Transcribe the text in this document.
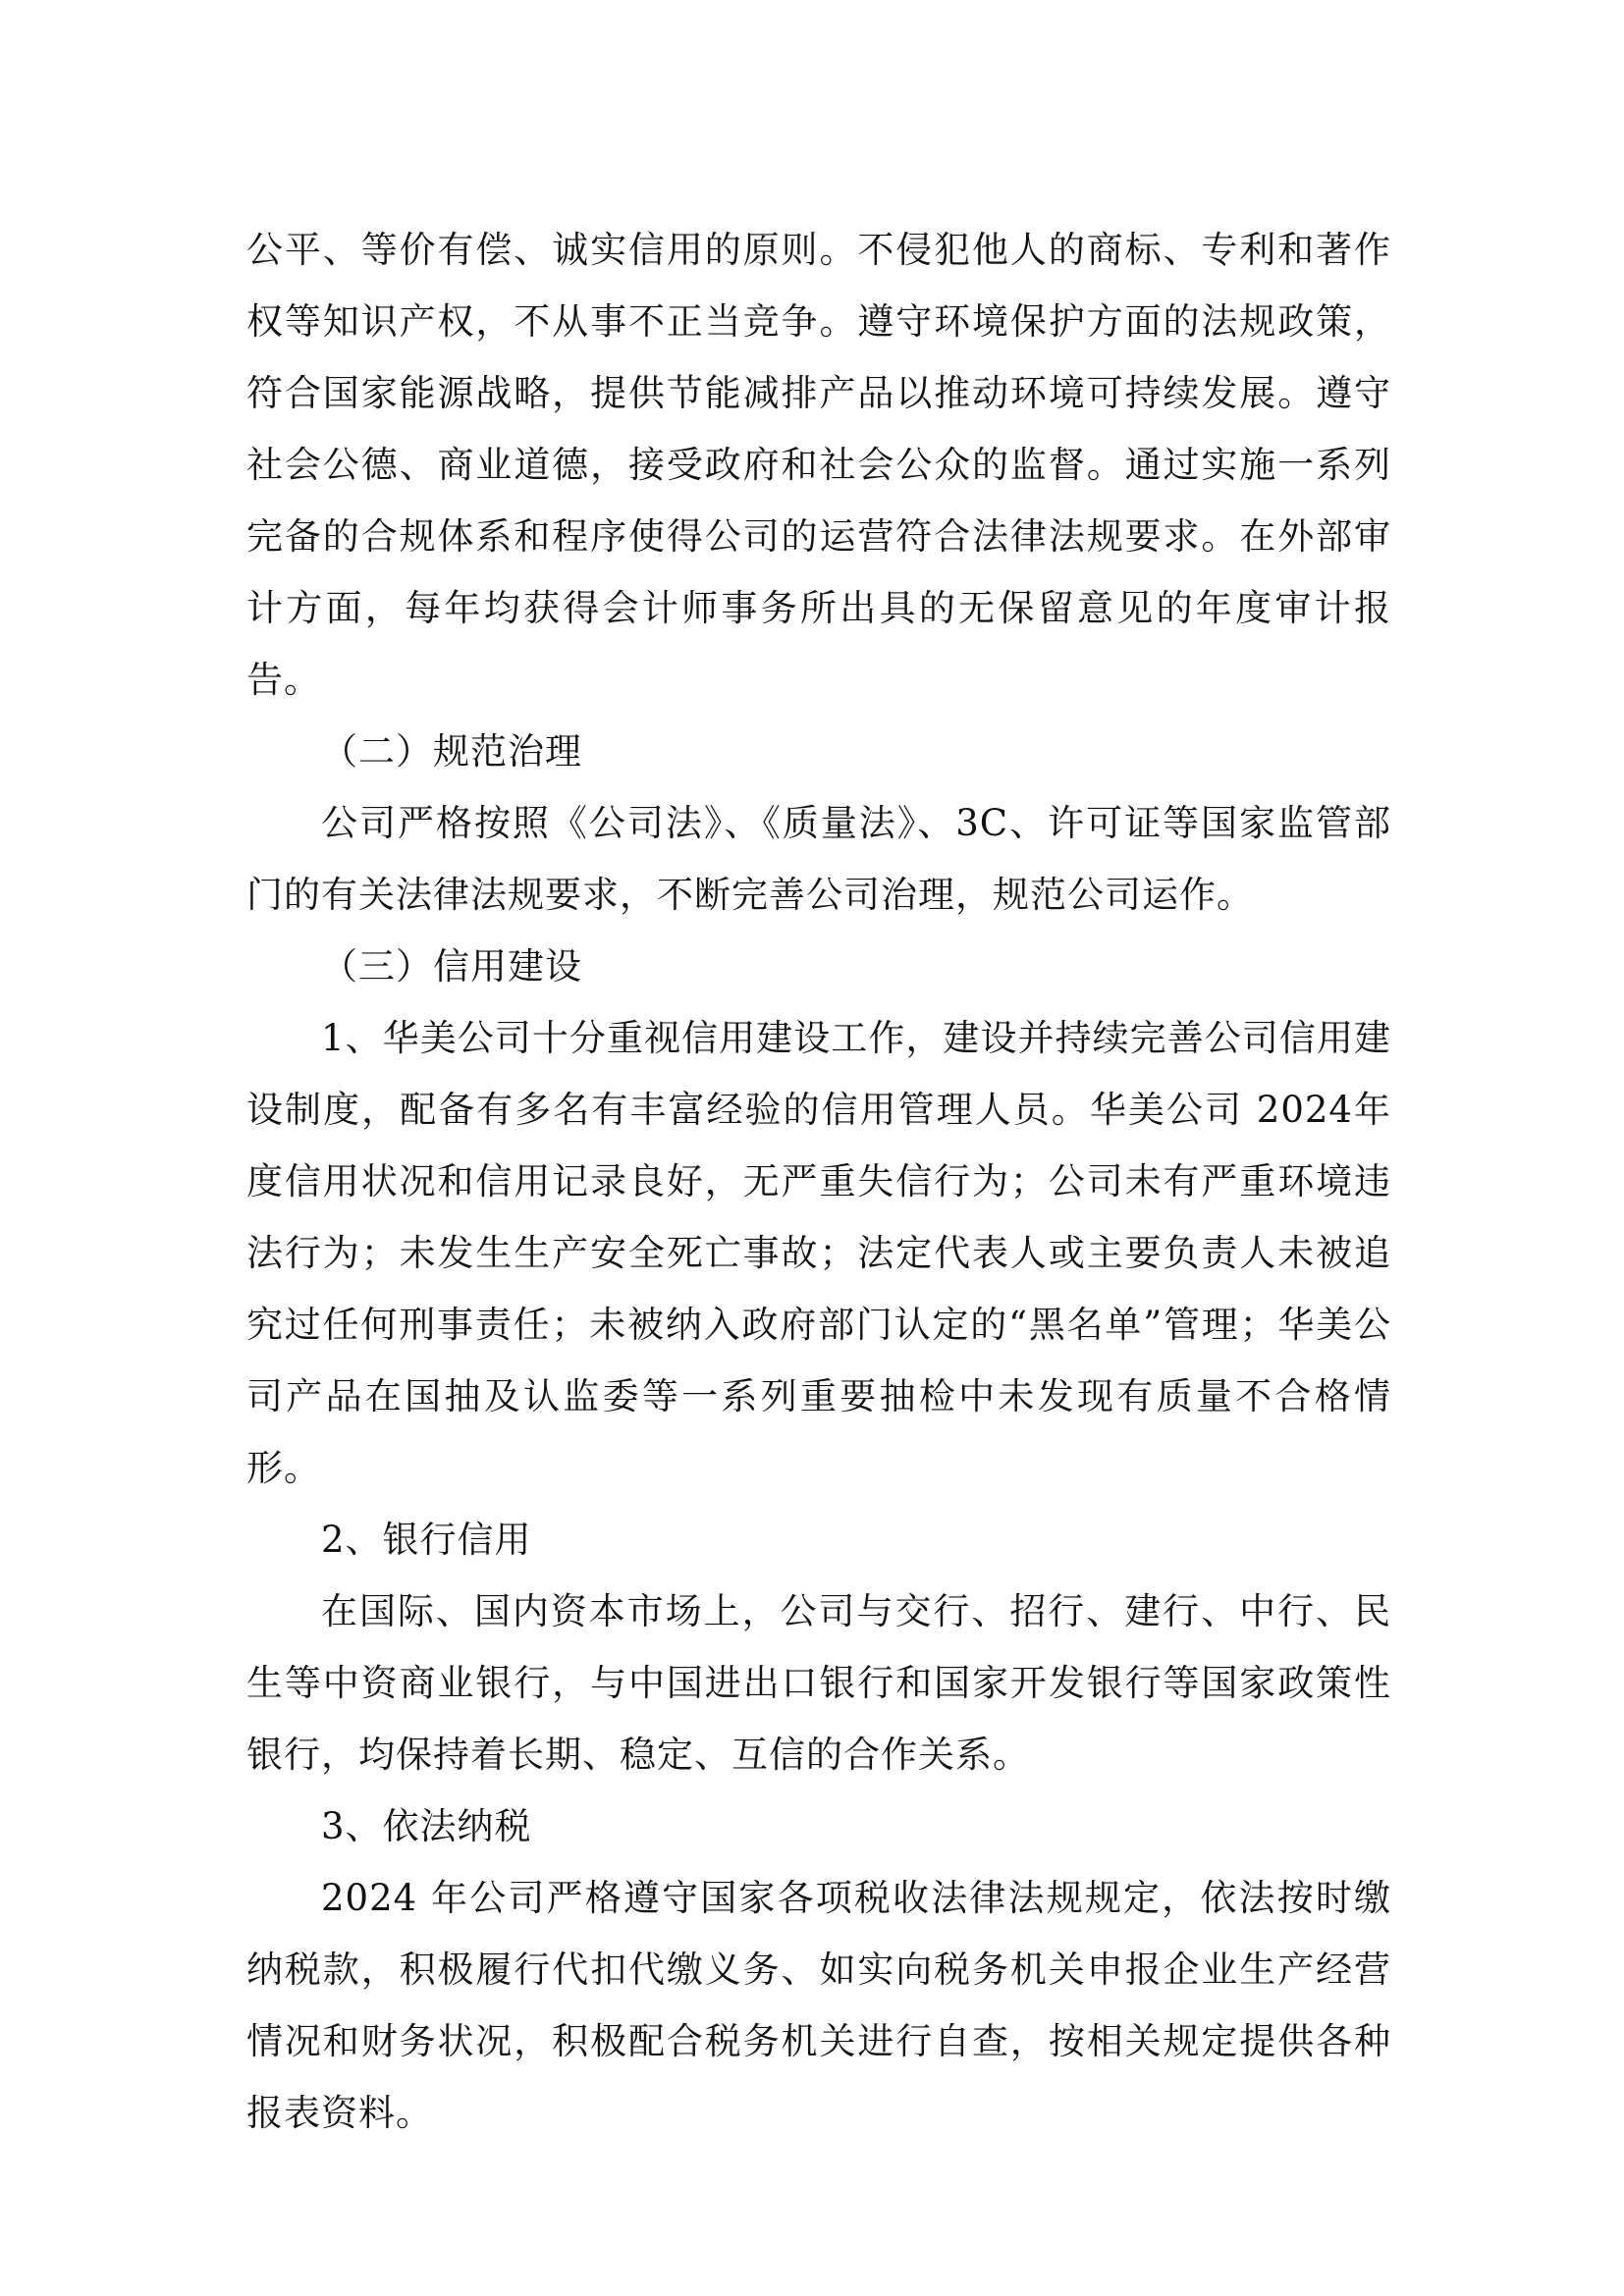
公平、等价有偿、诚实信用的原则。不侵犯他人的商标、专利和著作权等知识产权，不从事不正当竞争。遵守环境保护方面的法规政策，符合国家能源战略，提供节能减排产品以推动环境可持续发展。遵守社会公德、商业道德，接受政府和社会公众的监督。通过实施一系列完备的合规体系和程序使得公司的运营符合法律法规要求。在外部审计方面，每年均获得会计师事务所出具的无保留意见的年度审计报告。

（二）规范治理

公司严格按照《公司法》、《质量法》、3C、许可证等国家监管部门的有关法律法规要求，不断完善公司治理，规范公司运作。

（三）信用建设

1、华美公司十分重视信用建设工作，建设并持续完善公司信用建设制度，配备有多名有丰富经验的信用管理人员。华美公司 2024年度信用状况和信用记录良好，无严重失信行为；公司未有严重环境违法行为；未发生生产安全死亡事故；法定代表人或主要负责人未被追究过任何刑事责任；未被纳入政府部门认定的“黑名单”管理；华美公司产品在国抽及认监委等一系列重要抽检中未发现有质量不合格情形。

2、银行信用

在国际、国内资本市场上，公司与交行、招行、建行、中行、民生等中资商业银行，与中国进出口银行和国家开发银行等国家政策性银行，均保持着长期、稳定、互信的合作关系。

3、依法纳税

2024 年公司严格遵守国家各项税收法律法规规定，依法按时缴纳税款，积极履行代扣代缴义务、如实向税务机关申报企业生产经营情况和财务状况，积极配合税务机关进行自查，按相关规定提供各种报表资料。
